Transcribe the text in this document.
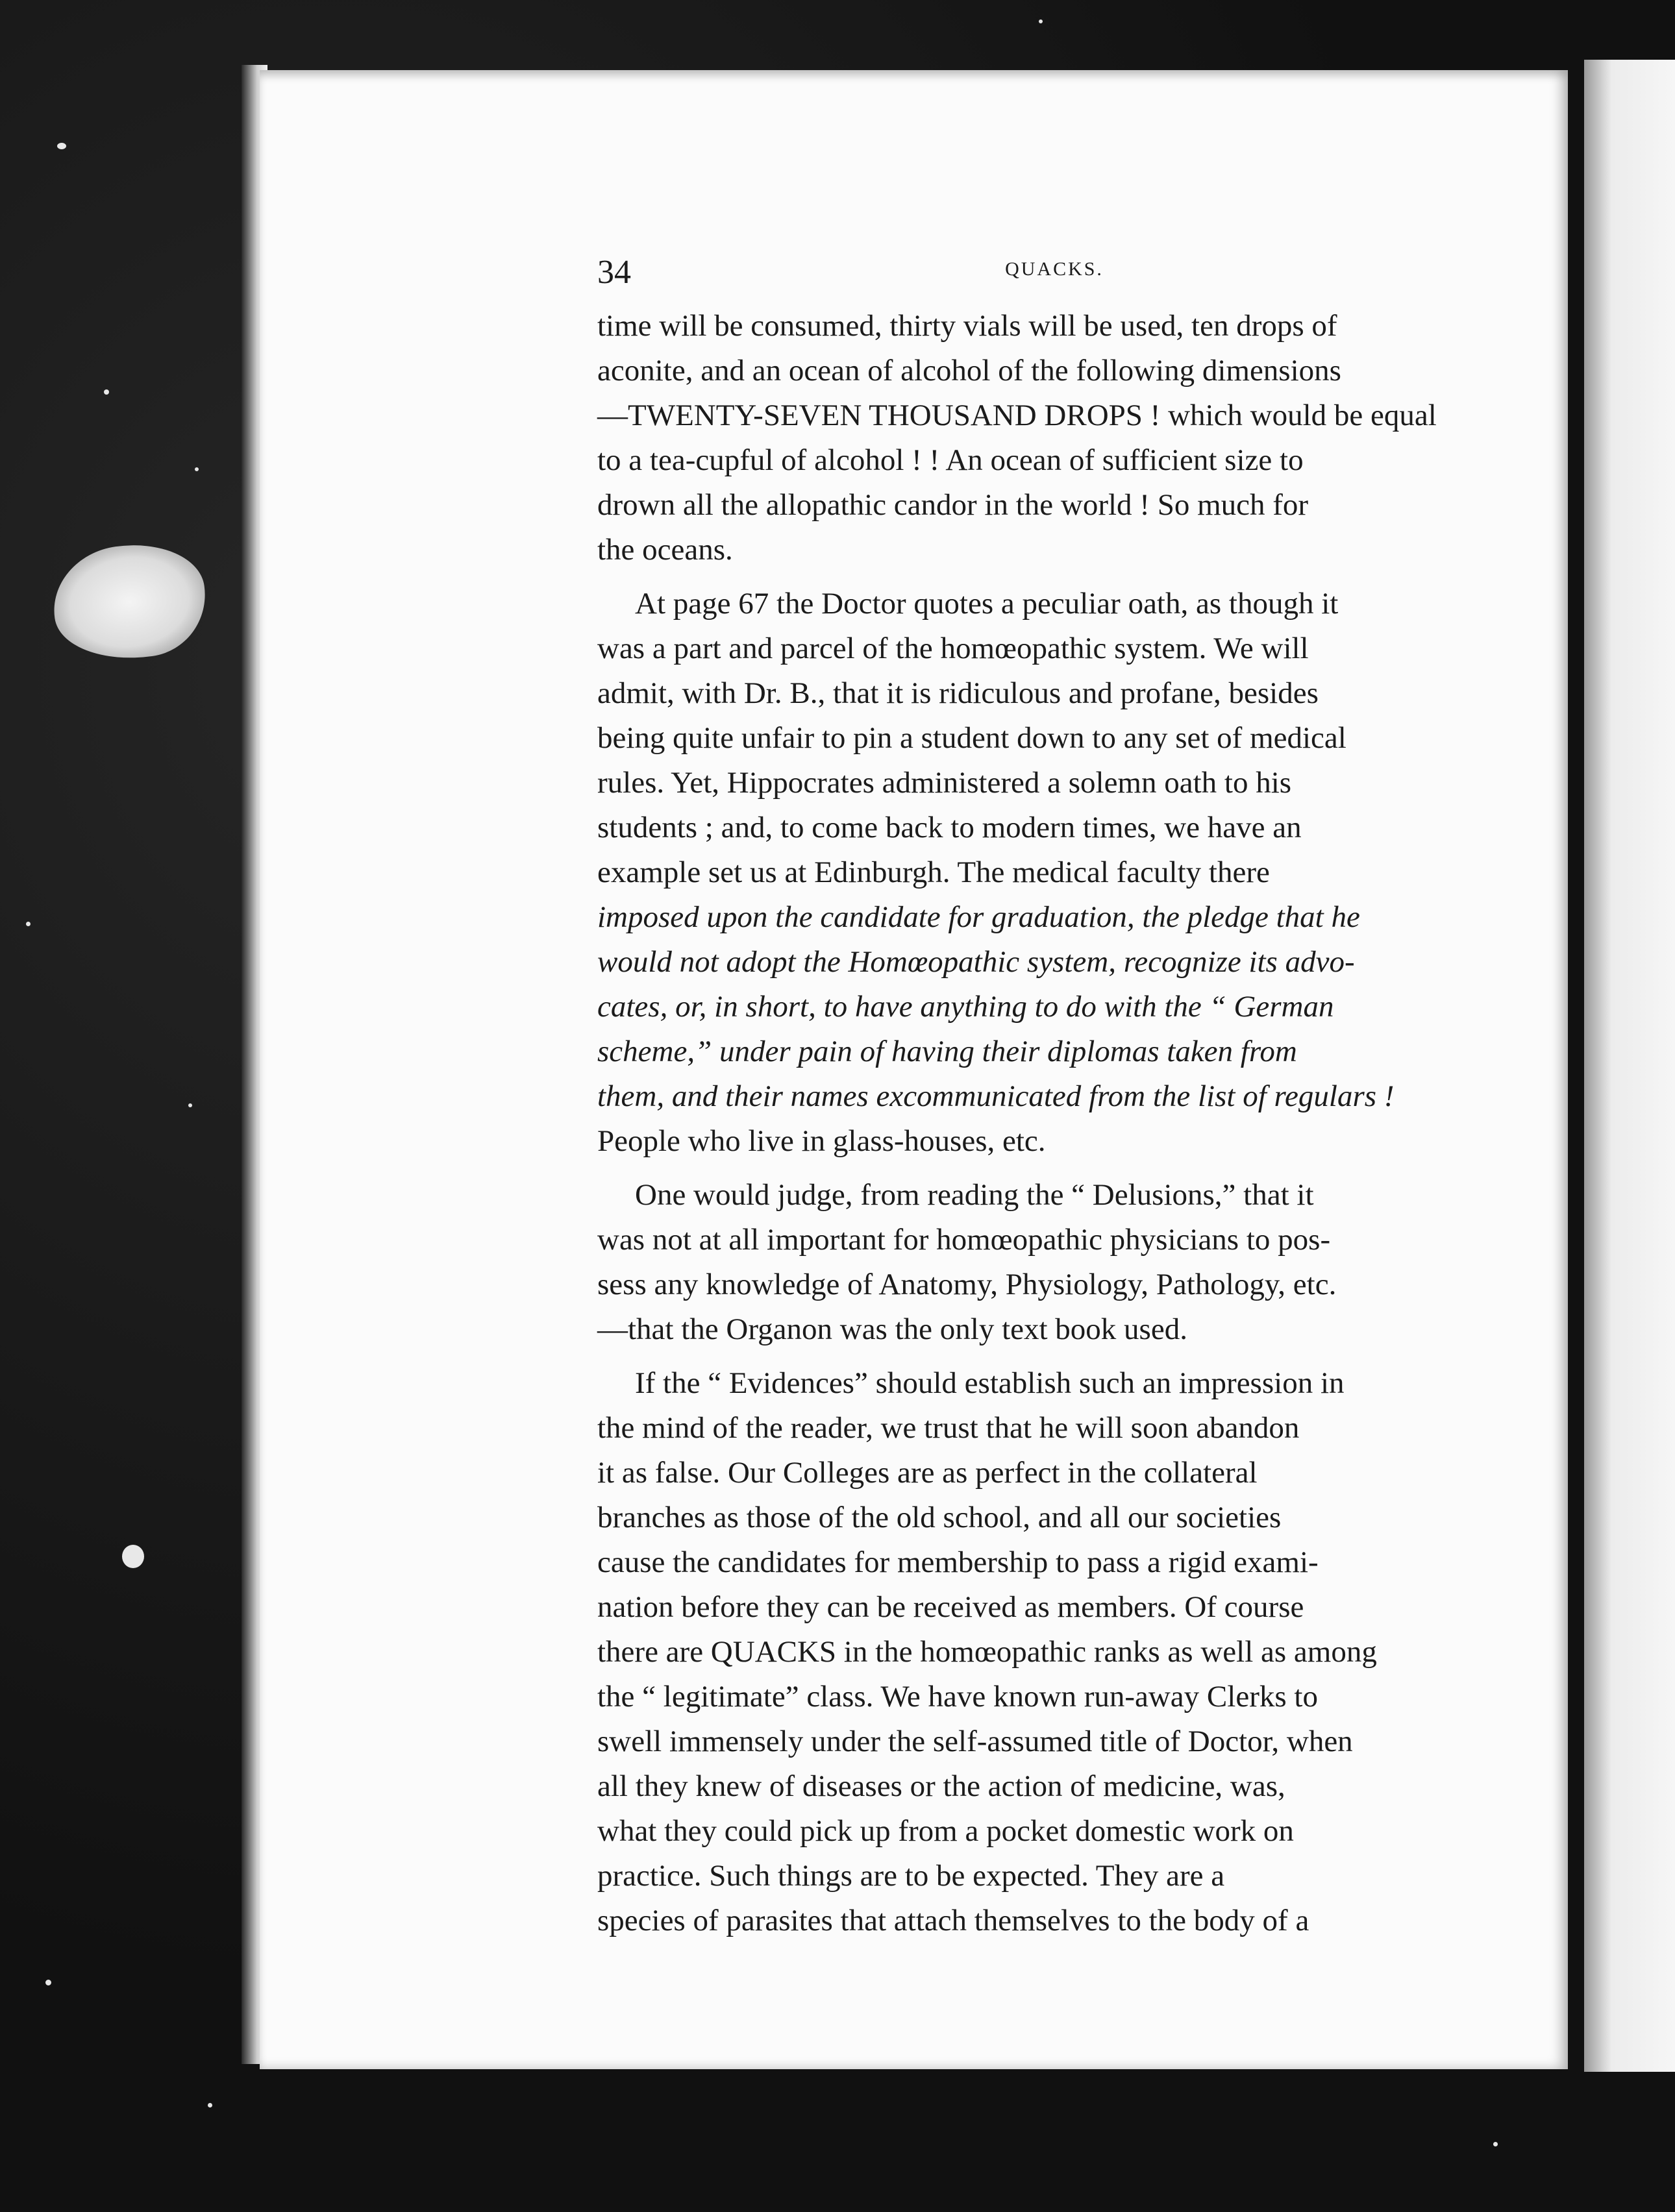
34	QUACKS.

time will be consumed, thirty vials will be used, ten drops of
aconite, and an ocean of alcohol of the following dimensions
—TWENTY-SEVEN THOUSAND DROPS ! which would be equal
to a tea-cupful of alcohol ! ! An ocean of sufficient size to
drown all the allopathic candor in the world ! So much for
the oceans.

At page 67 the Doctor quotes a peculiar oath, as though it
was a part and parcel of the homœopathic system. We will
admit, with Dr. B., that it is ridiculous and profane, besides
being quite unfair to pin a student down to any set of medical
rules. Yet, Hippocrates administered a solemn oath to his
students ; and, to come back to modern times, we have an
example set us at Edinburgh. The medical faculty there
imposed upon the candidate for graduation, the pledge that he
would not adopt the Homœopathic system, recognize its advo-
cates, or, in short, to have anything to do with the “ German
scheme,” under pain of having their diplomas taken from
them, and their names excommunicated from the list of regulars !
People who live in glass-houses, etc.

One would judge, from reading the “ Delusions,” that it
was not at all important for homœopathic physicians to pos-
sess any knowledge of Anatomy, Physiology, Pathology, etc.
—that the Organon was the only text book used.

If the “ Evidences” should establish such an impression in
the mind of the reader, we trust that he will soon abandon
it as false. Our Colleges are as perfect in the collateral
branches as those of the old school, and all our societies
cause the candidates for membership to pass a rigid exami-
nation before they can be received as members. Of course
there are QUACKS in the homœopathic ranks as well as among
the “ legitimate” class. We have known run-away Clerks to
swell immensely under the self-assumed title of Doctor, when
all they knew of diseases or the action of medicine, was,
what they could pick up from a pocket domestic work on
practice. Such things are to be expected. They are a
species of parasites that attach themselves to the body of a
